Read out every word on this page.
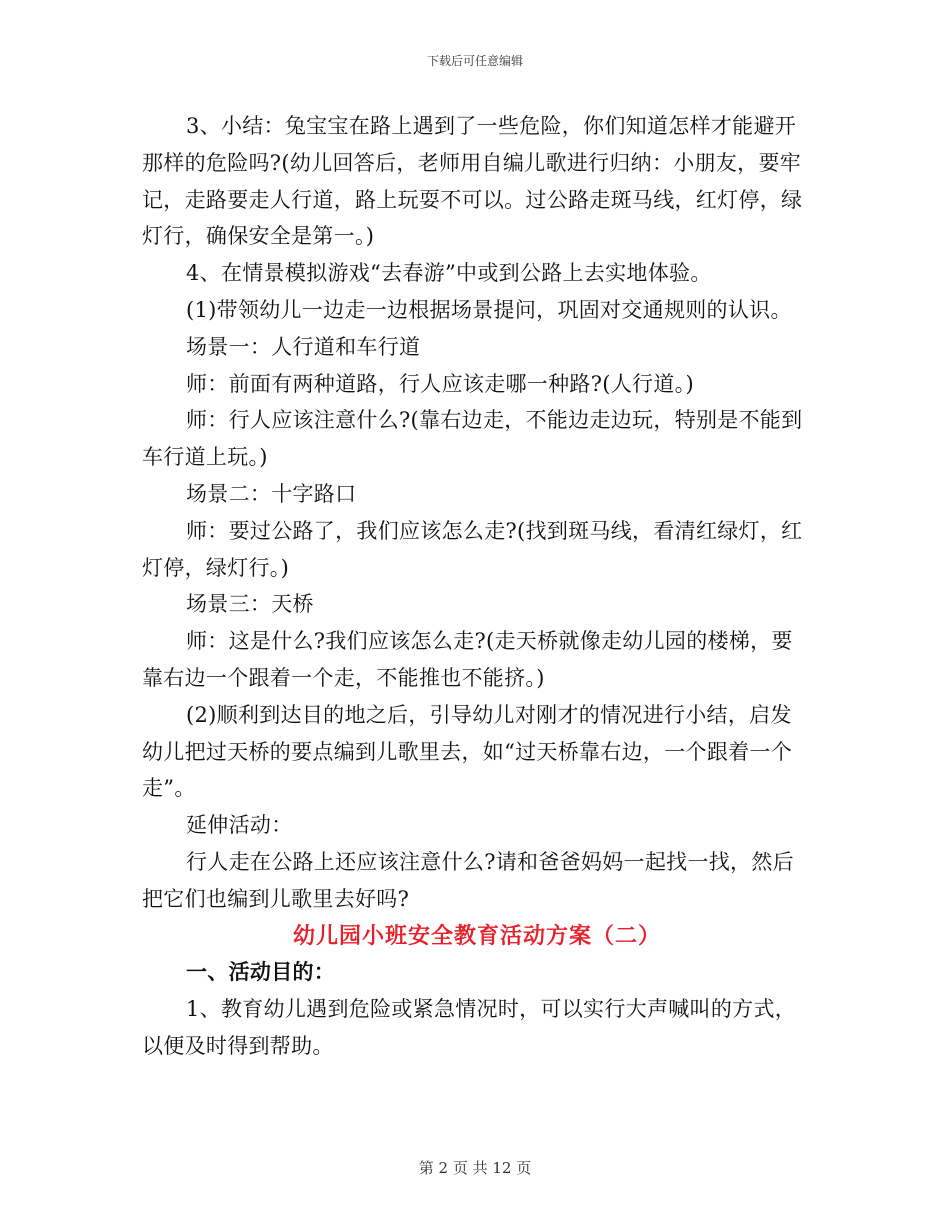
下载后可任意编辑

3、小结：兔宝宝在路上遇到了一些危险，你们知道怎样才能避开那样的危险吗?(幼儿回答后，老师用自编儿歌进行归纳：小朋友，要牢记，走路要走人行道，路上玩耍不可以。过公路走斑马线，红灯停，绿灯行，确保安全是第一。)

4、在情景模拟游戏“去春游”中或到公路上去实地体验。

(1)带领幼儿一边走一边根据场景提问，巩固对交通规则的认识。

场景一：人行道和车行道

师：前面有两种道路，行人应该走哪一种路?(人行道。)

师：行人应该注意什么?(靠右边走，不能边走边玩，特别是不能到车行道上玩。)

场景二：十字路口

师：要过公路了，我们应该怎么走?(找到斑马线，看清红绿灯，红灯停，绿灯行。)

场景三：天桥

师：这是什么?我们应该怎么走?(走天桥就像走幼儿园的楼梯，要靠右边一个跟着一个走，不能推也不能挤。)

(2)顺利到达目的地之后，引导幼儿对刚才的情况进行小结，启发幼儿把过天桥的要点编到儿歌里去，如“过天桥靠右边，一个跟着一个走”。

延伸活动：

行人走在公路上还应该注意什么?请和爸爸妈妈一起找一找，然后把它们也编到儿歌里去好吗?

幼儿园小班安全教育活动方案（二）

一、活动目的：

1、教育幼儿遇到危险或紧急情况时，可以实行大声喊叫的方式，以便及时得到帮助。

第 2 页 共 12 页
